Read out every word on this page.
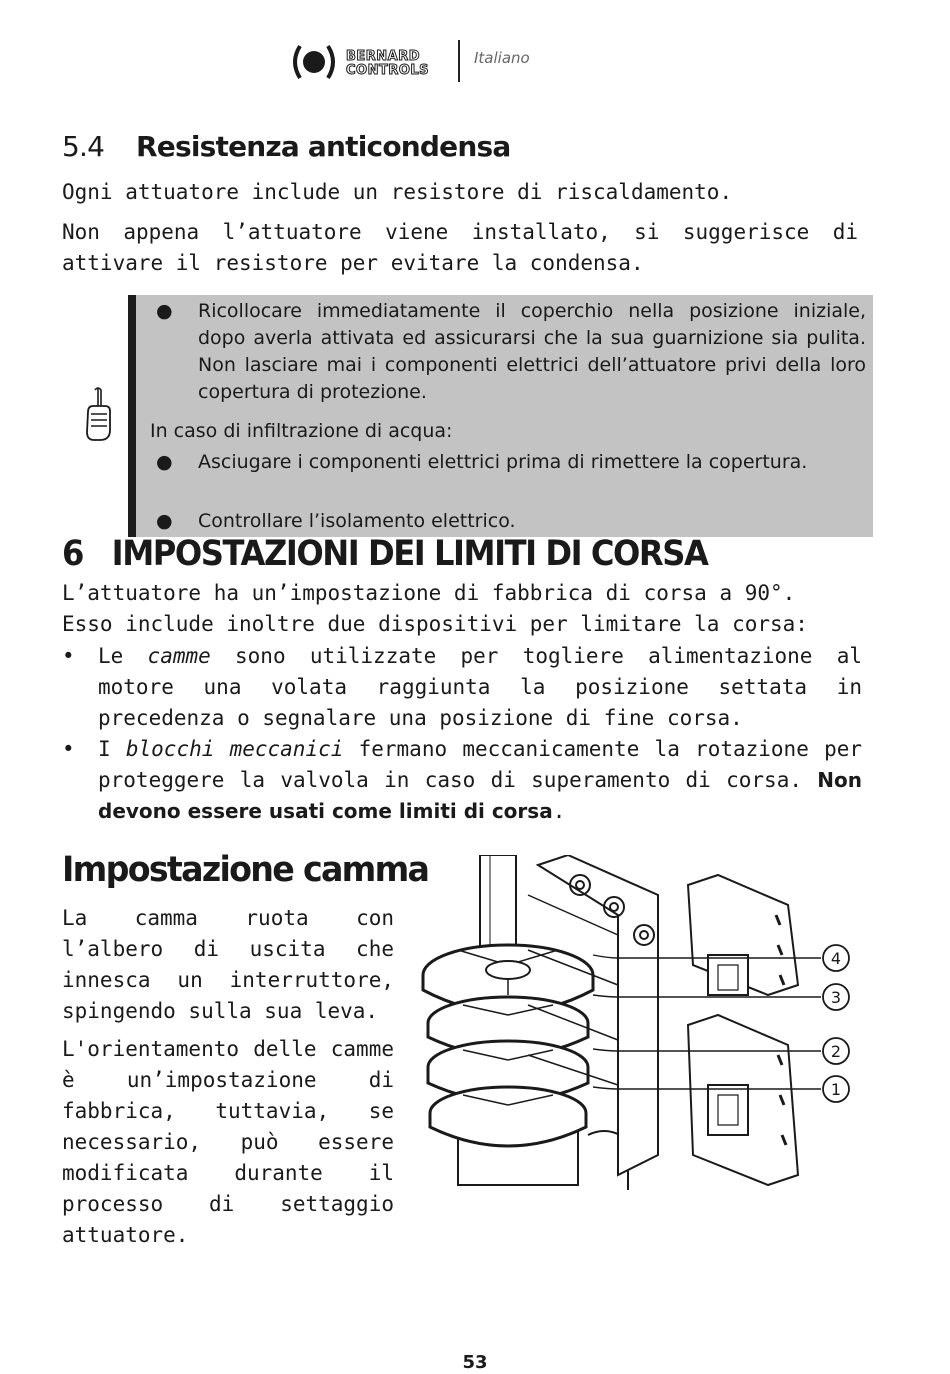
BERNARD
CONTROLS
Italiano
5.4 Resistenza anticondensa
Ogni attuatore include un resistore di riscaldamento.
Non appena l’attuatore viene installato, si suggerisce di attivare il resistore per evitare la condensa.
● Ricollocare immediatamente il coperchio nella posizione iniziale, dopo averla attivata ed assicurarsi che la sua guarnizione sia pulita. Non lasciare mai i componenti elettrici dell’attuatore privi della loro copertura di protezione.
In caso di infiltrazione di acqua:
● Asciugare i componenti elettrici prima di rimettere la copertura.
● Controllare l’isolamento elettrico.
6 IMPOSTAZIONI DEI LIMITI DI CORSA
L’attuatore ha un’impostazione di fabbrica di corsa a 90°.
Esso include inoltre due dispositivi per limitare la corsa:
• Le camme sono utilizzate per togliere alimentazione al motore una volata raggiunta la posizione settata in precedenza o segnalare una posizione di fine corsa.
• I blocchi meccanici fermano meccanicamente la rotazione per proteggere la valvola in caso di superamento di corsa. Non devono essere usati come limiti di corsa.
Impostazione camma
La camma ruota con l’albero di uscita che innesca un interruttore, spingendo sulla sua leva.
L'orientamento delle camme è un’impostazione di fabbrica, tuttavia, se necessario, può essere modificata durante il processo di settaggio attuatore.
4
3
2
1
53
